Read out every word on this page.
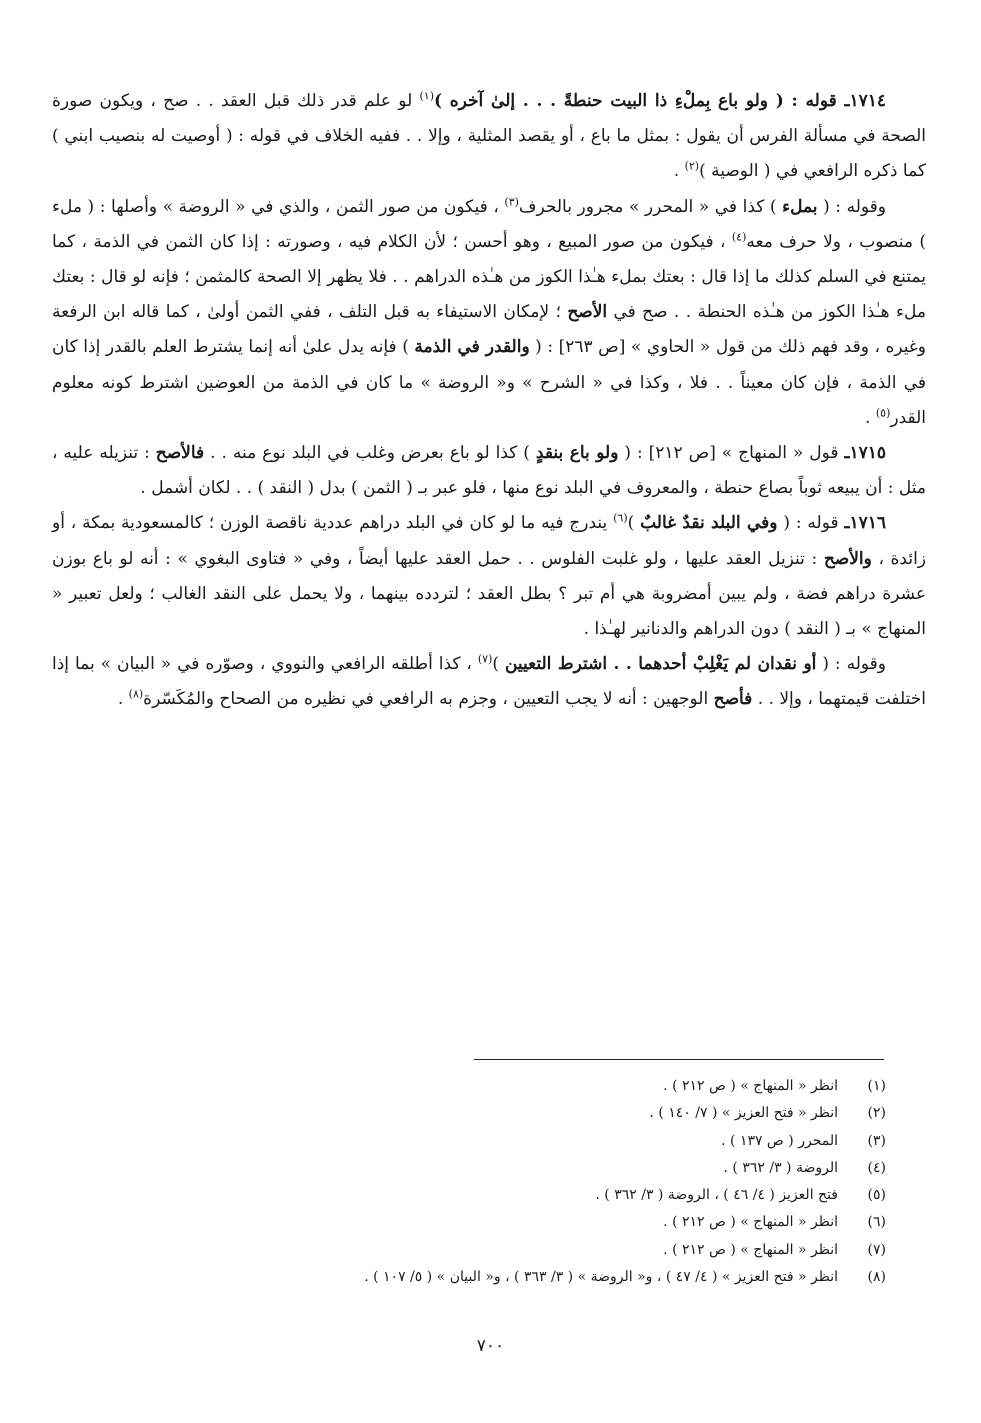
١٧١٤ـ قوله : ( ولو باع بِملْءِ ذا البيت حنطةً . . . إلىٰ آخره )$^{(١)}$ لو علم قدر ذلك قبل العقد . . صح ، ويكون صورة الصحة في مسألة الفرس أن يقول : بمثل ما باع ، أو يقصد المثلية ، وإلا . . ففيه الخلاف في قوله : ( أوصيت له بنصيب ابني ) كما ذكره الرافعي في ( الوصية )$^{(٢)}$ .

وقوله : ( بملء ) كذا في « المحرر » مجرور بالحرف$^{(٣)}$ ، فيكون من صور الثمن ، والذي في « الروضة » وأصلها : ( ملء ) منصوب ، ولا حرف معه$^{(٤)}$ ، فيكون من صور المبيع ، وهو أحسن ؛ لأن الكلام فيه ، وصورته : إذا كان الثمن في الذمة ، كما يمتنع في السلم كذلك ما إذا قال : بعتك بملء هـٰذا الكوز من هـٰذه الدراهم . . فلا يظهر إلا الصحة كالمثمن ؛ فإنه لو قال : بعتك ملء هـٰذا الكوز من هـٰذه الحنطة . . صح في الأصح ؛ لإمكان الاستيفاء به قبل التلف ، ففي الثمن أولىٰ ، كما قاله ابن الرفعة وغيره ، وقد فهم ذلك من قول « الحاوي » [ص ٢٦٣] : ( والقدر في الذمة ) فإنه يدل علىٰ أنه إنما يشترط العلم بالقدر إذا كان في الذمة ، فإن كان معيناً . . فلا ، وكذا في « الشرح » و« الروضة » ما كان في الذمة من العوضين اشترط كونه معلوم القدر$^{(٥)}$ .

١٧١٥ـ قول « المنهاج » [ص ٢١٢] : ( ولو باع بنقدٍ ) كذا لو باع بعرض وغلب في البلد نوع منه . . فالأصح : تنزيله عليه ، مثل : أن يبيعه ثوباً بصاع حنطة ، والمعروف في البلد نوع منها ، فلو عبر بـ ( الثمن ) بدل ( النقد ) . . لكان أشمل .

١٧١٦ـ قوله : ( وفي البلد نقدٌ غالبٌ )$^{(٦)}$ يندرج فيه ما لو كان في البلد دراهم عددية ناقصة الوزن ؛ كالمسعودية بمكة ، أو زائدة ، والأصح : تنزيل العقد عليها ، ولو غلبت الفلوس . . حمل العقد عليها أيضاً ، وفي « فتاوى البغوي » : أنه لو باع بوزن عشرة دراهم فضة ، ولم يبين أمضروبة هي أم تبر ؟ بطل العقد ؛ لتردده بينهما ، ولا يحمل على النقد الغالب ؛ ولعل تعبير « المنهاج » بـ ( النقد ) دون الدراهم والدنانير لهـٰذا .

وقوله : ( أو نقدان لم يَغْلِبْ أحدهما . . اشترط التعيين )$^{(٧)}$ ، كذا أطلقه الرافعي والنووي ، وصوّره في « البيان » بما إذا اختلفت قيمتهما ، وإلا . . فأصح الوجهين : أنه لا يجب التعيين ، وجزم به الرافعي في نظيره من الصحاح والمُكَسّرة$^{(٨)}$ .

(١)
انظر « المنهاج » ( ص ٢١٢ ) .
(٢)
انظر « فتح العزيز » ( ٧/ ١٤٠ ) .
(٣)
المحرر ( ص ١٣٧ ) .
(٤)
الروضة ( ٣/ ٣٦٢ ) .
(٥)
فتح العزيز ( ٤/ ٤٦ ) ، الروضة ( ٣/ ٣٦٢ ) .
(٦)
انظر « المنهاج » ( ص ٢١٢ ) .
(٧)
انظر « المنهاج » ( ص ٢١٢ ) .
(٨)
انظر « فتح العزيز » ( ٤/ ٤٧ ) ، و« الروضة » ( ٣/ ٣٦٣ ) ، و« البيان » ( ٥/ ١٠٧ ) .
٧٠٠
